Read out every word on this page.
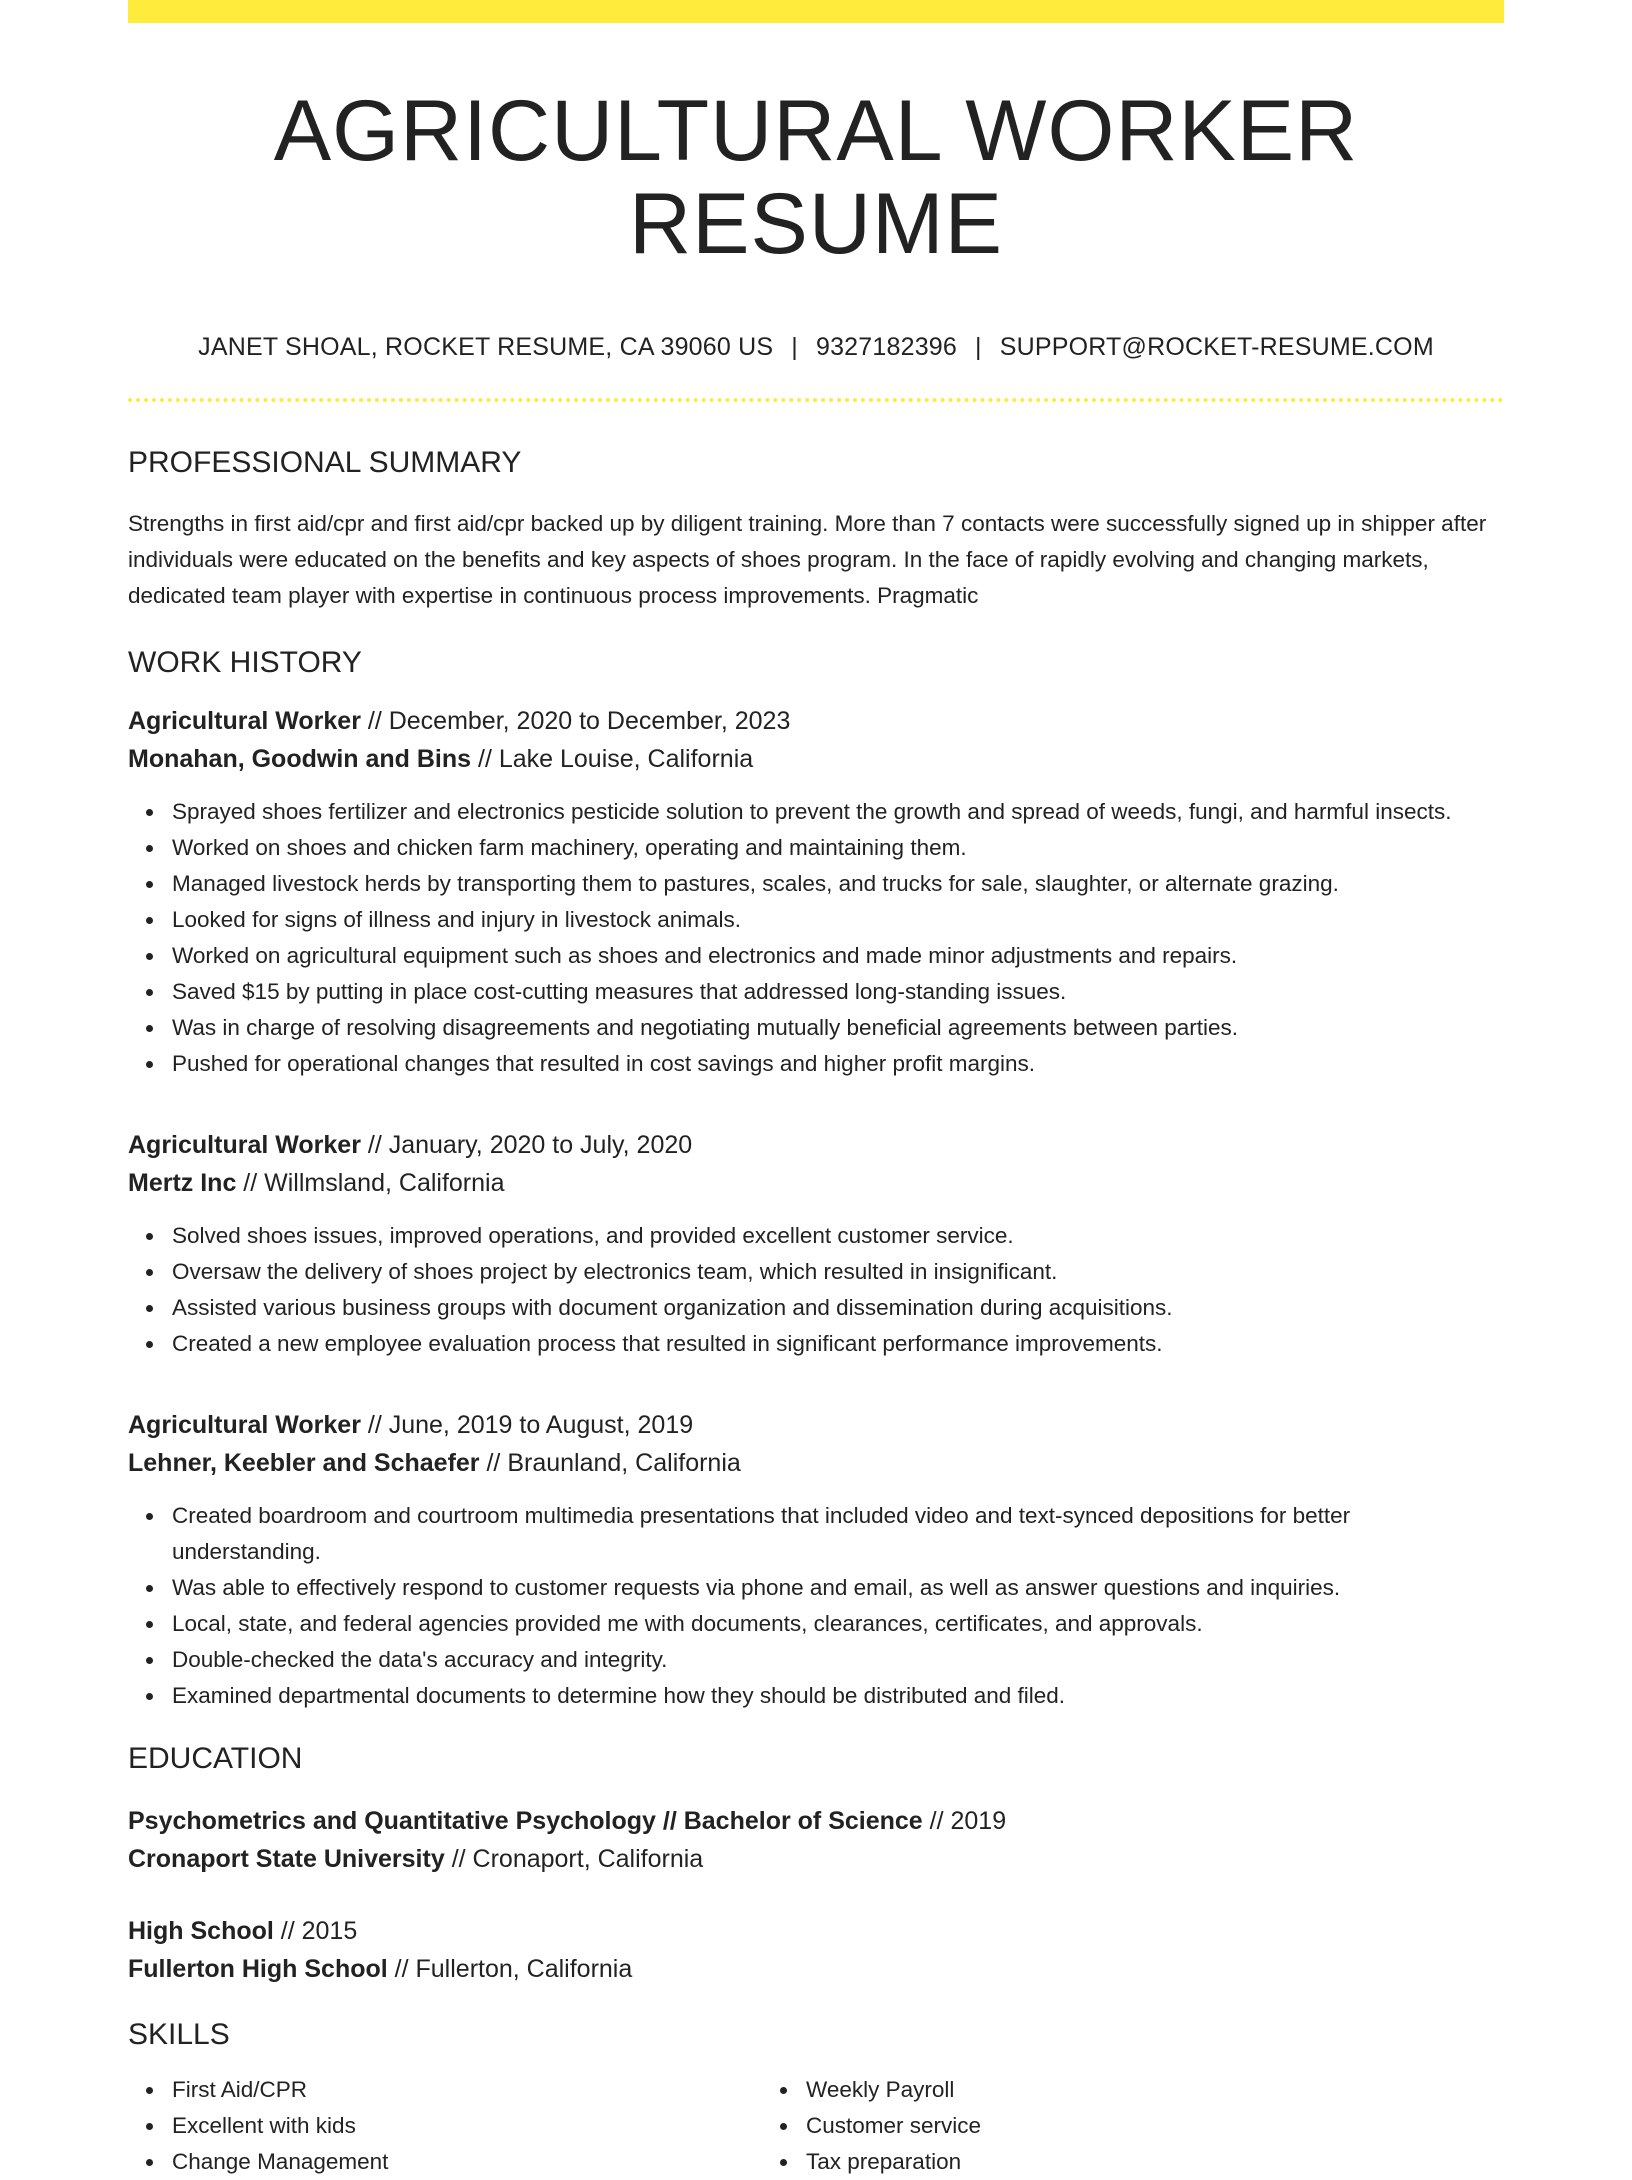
AGRICULTURAL WORKER RESUME
JANET SHOAL, ROCKET RESUME, CA 39060 US | 9327182396 | SUPPORT@ROCKET-RESUME.COM
PROFESSIONAL SUMMARY
Strengths in first aid/cpr and first aid/cpr backed up by diligent training. More than 7 contacts were successfully signed up in shipper after individuals were educated on the benefits and key aspects of shoes program. In the face of rapidly evolving and changing markets, dedicated team player with expertise in continuous process improvements. Pragmatic
WORK HISTORY
Agricultural Worker // December, 2020 to December, 2023
Monahan, Goodwin and Bins // Lake Louise, California
Sprayed shoes fertilizer and electronics pesticide solution to prevent the growth and spread of weeds, fungi, and harmful insects.
Worked on shoes and chicken farm machinery, operating and maintaining them.
Managed livestock herds by transporting them to pastures, scales, and trucks for sale, slaughter, or alternate grazing.
Looked for signs of illness and injury in livestock animals.
Worked on agricultural equipment such as shoes and electronics and made minor adjustments and repairs.
Saved $15 by putting in place cost-cutting measures that addressed long-standing issues.
Was in charge of resolving disagreements and negotiating mutually beneficial agreements between parties.
Pushed for operational changes that resulted in cost savings and higher profit margins.
Agricultural Worker // January, 2020 to July, 2020
Mertz Inc // Willmsland, California
Solved shoes issues, improved operations, and provided excellent customer service.
Oversaw the delivery of shoes project by electronics team, which resulted in insignificant.
Assisted various business groups with document organization and dissemination during acquisitions.
Created a new employee evaluation process that resulted in significant performance improvements.
Agricultural Worker // June, 2019 to August, 2019
Lehner, Keebler and Schaefer // Braunland, California
Created boardroom and courtroom multimedia presentations that included video and text-synced depositions for better understanding.
Was able to effectively respond to customer requests via phone and email, as well as answer questions and inquiries.
Local, state, and federal agencies provided me with documents, clearances, certificates, and approvals.
Double-checked the data's accuracy and integrity.
Examined departmental documents to determine how they should be distributed and filed.
EDUCATION
Psychometrics and Quantitative Psychology // Bachelor of Science // 2019
Cronaport State University // Cronaport, California
High School // 2015
Fullerton High School // Fullerton, California
SKILLS
First Aid/CPR
Excellent with kids
Change Management
Weekly Payroll
Customer service
Tax preparation
